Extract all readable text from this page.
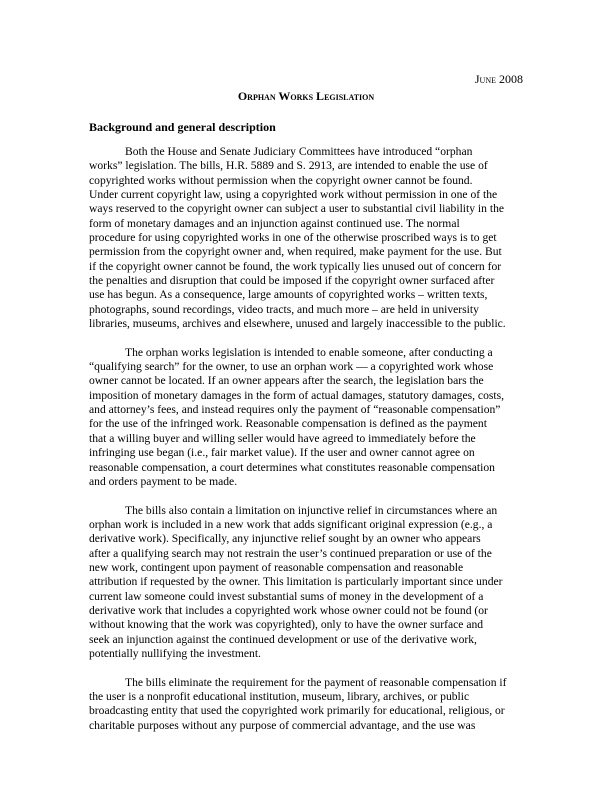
June 2008
Orphan Works Legislation
Background and general description

Both the House and Senate Judiciary Committees have introduced “orphan
works” legislation. The bills, H.R. 5889 and S. 2913, are intended to enable the use of
copyrighted works without permission when the copyright owner cannot be found.
Under current copyright law, using a copyrighted work without permission in one of the
ways reserved to the copyright owner can subject a user to substantial civil liability in the
form of monetary damages and an injunction against continued use. The normal
procedure for using copyrighted works in one of the otherwise proscribed ways is to get
permission from the copyright owner and, when required, make payment for the use. But
if the copyright owner cannot be found, the work typically lies unused out of concern for
the penalties and disruption that could be imposed if the copyright owner surfaced after
use has begun. As a consequence, large amounts of copyrighted works – written texts,
photographs, sound recordings, video tracts, and much more – are held in university
libraries, museums, archives and elsewhere, unused and largely inaccessible to the public.

The orphan works legislation is intended to enable someone, after conducting a
“qualifying search” for the owner, to use an orphan work — a copyrighted work whose
owner cannot be located. If an owner appears after the search, the legislation bars the
imposition of monetary damages in the form of actual damages, statutory damages, costs,
and attorney’s fees, and instead requires only the payment of “reasonable compensation”
for the use of the infringed work. Reasonable compensation is defined as the payment
that a willing buyer and willing seller would have agreed to immediately before the
infringing use began (i.e., fair market value). If the user and owner cannot agree on
reasonable compensation, a court determines what constitutes reasonable compensation
and orders payment to be made.

The bills also contain a limitation on injunctive relief in circumstances where an
orphan work is included in a new work that adds significant original expression (e.g., a
derivative work). Specifically, any injunctive relief sought by an owner who appears
after a qualifying search may not restrain the user’s continued preparation or use of the
new work, contingent upon payment of reasonable compensation and reasonable
attribution if requested by the owner. This limitation is particularly important since under
current law someone could invest substantial sums of money in the development of a
derivative work that includes a copyrighted work whose owner could not be found (or
without knowing that the work was copyrighted), only to have the owner surface and
seek an injunction against the continued development or use of the derivative work,
potentially nullifying the investment.

The bills eliminate the requirement for the payment of reasonable compensation if
the user is a nonprofit educational institution, museum, library, archives, or public
broadcasting entity that used the copyrighted work primarily for educational, religious, or
charitable purposes without any purpose of commercial advantage, and the use was
